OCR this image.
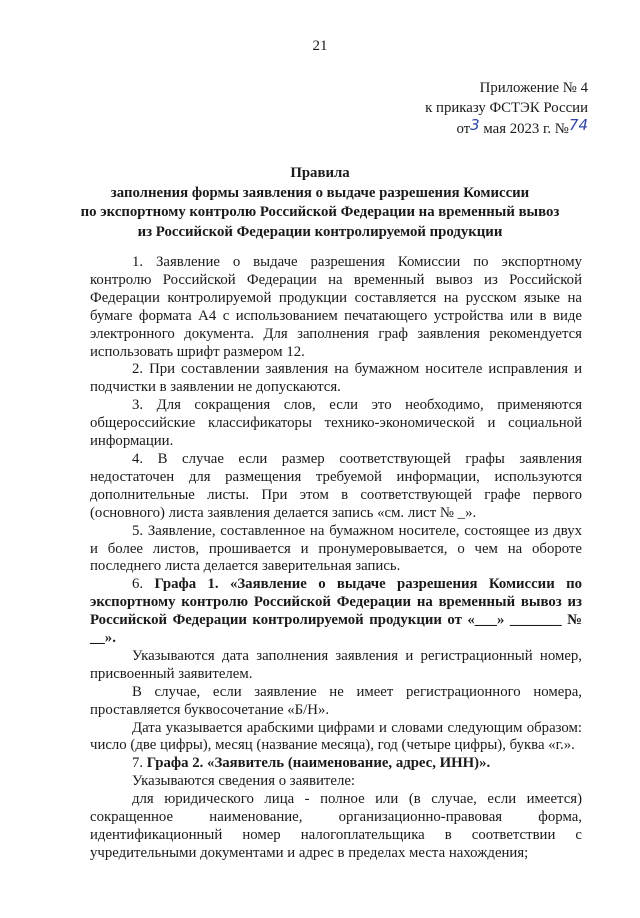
21
Приложение № 4
к приказу ФСТЭК России
от3 мая 2023 г. №74
Правила
заполнения формы заявления о выдаче разрешения Комиссии
по экспортному контролю Российской Федерации на временный вывоз
из Российской Федерации контролируемой продукции

1. Заявление о выдаче разрешения Комиссии по экспортному контролю Российской Федерации на временный вывоз из Российской Федерации контролируемой продукции составляется на русском языке на бумаге формата А4 с использованием печатающего устройства или в виде электронного документа. Для заполнения граф заявления рекомендуется использовать шрифт размером 12.

2. При составлении заявления на бумажном носителе исправления и подчистки в заявлении не допускаются.

3. Для сокращения слов, если это необходимо, применяются общероссийские классификаторы технико-экономической и социальной информации.

4. В случае если размер соответствующей графы заявления недостаточен для размещения требуемой информации, используются дополнительные листы. При этом в соответствующей графе первого (основного) листа заявления делается запись «см. лист № _».

5. Заявление, составленное на бумажном носителе, состоящее из двух и более листов, прошивается и пронумеровывается, о чем на обороте последнего листа делается заверительная запись.

6. Графа 1. «Заявление о выдаче разрешения Комиссии по экспортному контролю Российской Федерации на временный вывоз из Российской Федерации контролируемой продукции от «___» _______ № __».

Указываются дата заполнения заявления и регистрационный номер, присвоенный заявителем.

В случае, если заявление не имеет регистрационного номера, проставляется буквосочетание «Б/Н».

Дата указывается арабскими цифрами и словами следующим образом: число (две цифры), месяц (название месяца), год (четыре цифры), буква «г.».

7. Графа 2. «Заявитель (наименование, адрес, ИНН)».

Указываются сведения о заявителе:

для юридического лица - полное или (в случае, если имеется) сокращенное наименование, организационно-правовая форма, идентификационный номер налогоплательщика в соответствии с учредительными документами и адрес в пределах места нахождения;
